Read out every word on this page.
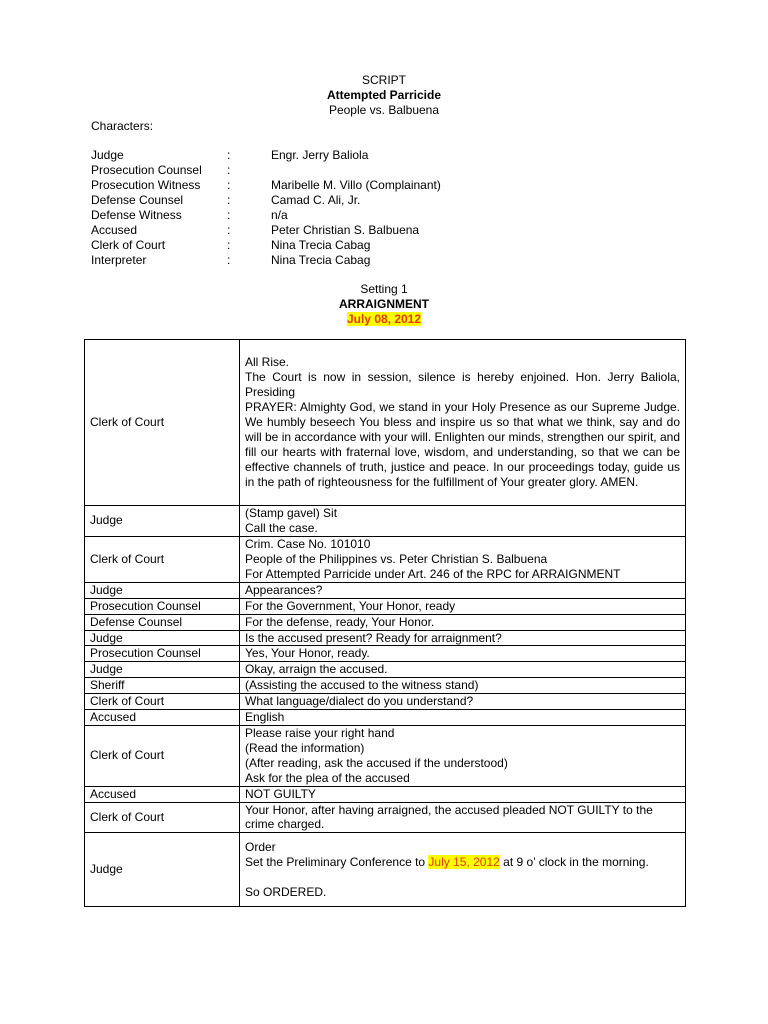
SCRIPT
Attempted Parricide
People vs. Balbuena
Characters:
Judge	:	Engr. Jerry Baliola
Prosecution Counsel	:
Prosecution Witness	:	Maribelle M. Villo (Complainant)
Defense Counsel	:	Camad C. Ali, Jr.
Defense Witness	:	n/a
Accused	:	Peter Christian S. Balbuena
Clerk of Court	:	Nina Trecia Cabag
Interpreter	:	Nina Trecia Cabag
Setting 1
ARRAIGNMENT
July 08, 2012
Clerk of Court	All Rise.
The Court is now in session, silence is hereby enjoined. Hon. Jerry Baliola, Presiding
PRAYER: Almighty God, we stand in your Holy Presence as our Supreme Judge. We humbly beseech You bless and inspire us so that what we think, say and do will be in accordance with your will. Enlighten our minds, strengthen our spirit, and fill our hearts with fraternal love, wisdom, and understanding, so that we can be effective channels of truth, justice and peace. In our proceedings today, guide us in the path of righteousness for the fulfillment of Your greater glory. AMEN.

Judge	(Stamp gavel) Sit
Call the case.

Clerk of Court	Crim. Case No. 101010
People of the Philippines vs. Peter Christian S. Balbuena
For Attempted Parricide under Art. 246 of the RPC for ARRAIGNMENT

Judge	Appearances?
Prosecution Counsel	For the Government, Your Honor, ready
Defense Counsel	For the defense, ready, Your Honor.
Judge	Is the accused present? Ready for arraignment?
Prosecution Counsel	Yes, Your Honor, ready.
Judge	Okay, arraign the accused.
Sheriff	(Assisting the accused to the witness stand)
Clerk of Court	What language/dialect do you understand?
Accused	English
Clerk of Court	Please raise your right hand
(Read the information)
(After reading, ask the accused if the understood)
Ask for the plea of the accused

Accused	NOT GUILTY
Clerk of Court	Your Honor, after having arraigned, the accused pleaded NOT GUILTY to the crime charged.
Judge	Order
Set the Preliminary Conference to July 15, 2012 at 9 o’ clock in the morning.
So ORDERED.
